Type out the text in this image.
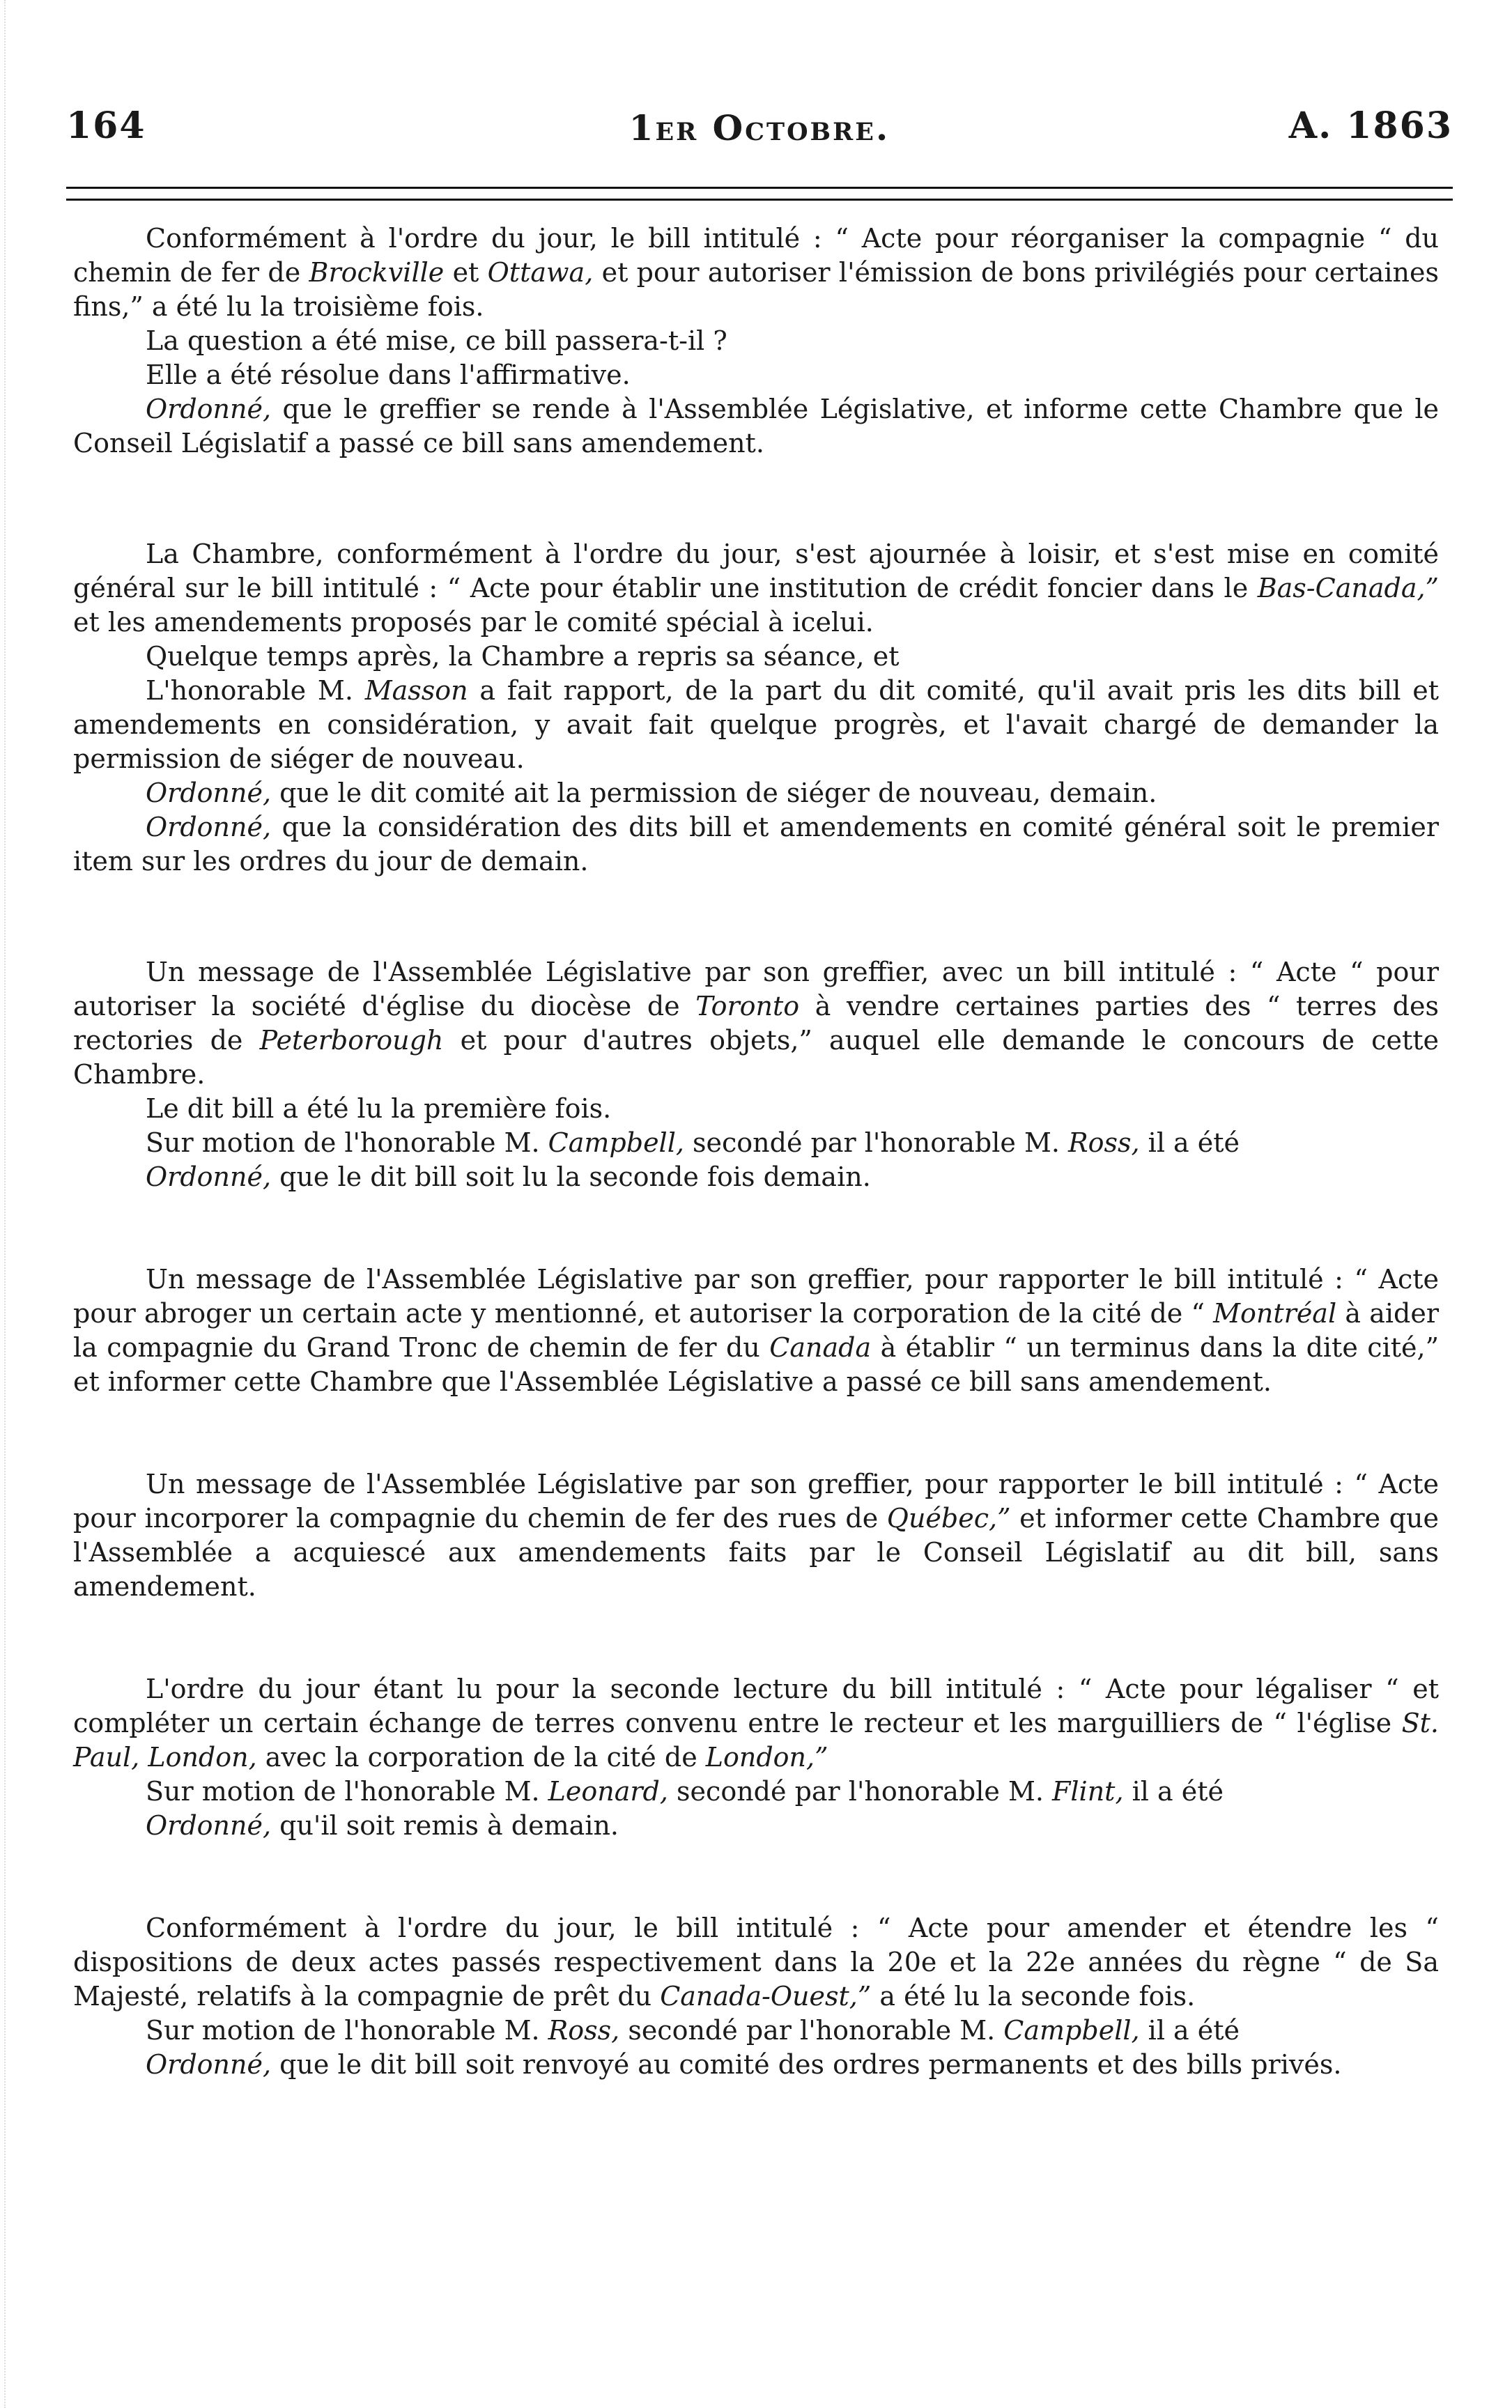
164	1er Octobre.	A. 1863

Conformément à l'ordre du jour, le bill intitulé : “ Acte pour réorganiser la compagnie “ du chemin de fer de Brockville et Ottawa, et pour autoriser l'émission de bons privilégiés pour certaines fins,” a été lu la troisième fois.

La question a été mise, ce bill passera-t-il ?

Elle a été résolue dans l'affirmative.

Ordonné, que le greffier se rende à l'Assemblée Législative, et informe cette Chambre que le Conseil Législatif a passé ce bill sans amendement.

La Chambre, conformément à l'ordre du jour, s'est ajournée à loisir, et s'est mise en comité général sur le bill intitulé : “ Acte pour établir une institution de crédit foncier dans le Bas-Canada,” et les amendements proposés par le comité spécial à icelui.

Quelque temps après, la Chambre a repris sa séance, et

L'honorable M. Masson a fait rapport, de la part du dit comité, qu'il avait pris les dits bill et amendements en considération, y avait fait quelque progrès, et l'avait chargé de demander la permission de siéger de nouveau.

Ordonné, que le dit comité ait la permission de siéger de nouveau, demain.

Ordonné, que la considération des dits bill et amendements en comité général soit le premier item sur les ordres du jour de demain.

Un message de l'Assemblée Législative par son greffier, avec un bill intitulé : “ Acte “ pour autoriser la société d'église du diocèse de Toronto à vendre certaines parties des “ terres des rectories de Peterborough et pour d'autres objets,” auquel elle demande le concours de cette Chambre.

Le dit bill a été lu la première fois.

Sur motion de l'honorable M. Campbell, secondé par l'honorable M. Ross, il a été

Ordonné, que le dit bill soit lu la seconde fois demain.

Un message de l'Assemblée Législative par son greffier, pour rapporter le bill intitulé : “ Acte pour abroger un certain acte y mentionné, et autoriser la corporation de la cité de “ Montréal à aider la compagnie du Grand Tronc de chemin de fer du Canada à établir “ un terminus dans la dite cité,” et informer cette Chambre que l'Assemblée Législative a passé ce bill sans amendement.

Un message de l'Assemblée Législative par son greffier, pour rapporter le bill intitulé : “ Acte pour incorporer la compagnie du chemin de fer des rues de Québec,” et informer cette Chambre que l'Assemblée a acquiescé aux amendements faits par le Conseil Législatif au dit bill, sans amendement.

L'ordre du jour étant lu pour la seconde lecture du bill intitulé : “ Acte pour légaliser “ et compléter un certain échange de terres convenu entre le recteur et les marguilliers de “ l'église St. Paul, London, avec la corporation de la cité de London,”

Sur motion de l'honorable M. Leonard, secondé par l'honorable M. Flint, il a été

Ordonné, qu'il soit remis à demain.

Conformément à l'ordre du jour, le bill intitulé : “ Acte pour amender et étendre les “ dispositions de deux actes passés respectivement dans la 20e et la 22e années du règne “ de Sa Majesté, relatifs à la compagnie de prêt du Canada-Ouest,” a été lu la seconde fois.

Sur motion de l'honorable M. Ross, secondé par l'honorable M. Campbell, il a été

Ordonné, que le dit bill soit renvoyé au comité des ordres permanents et des bills privés.
